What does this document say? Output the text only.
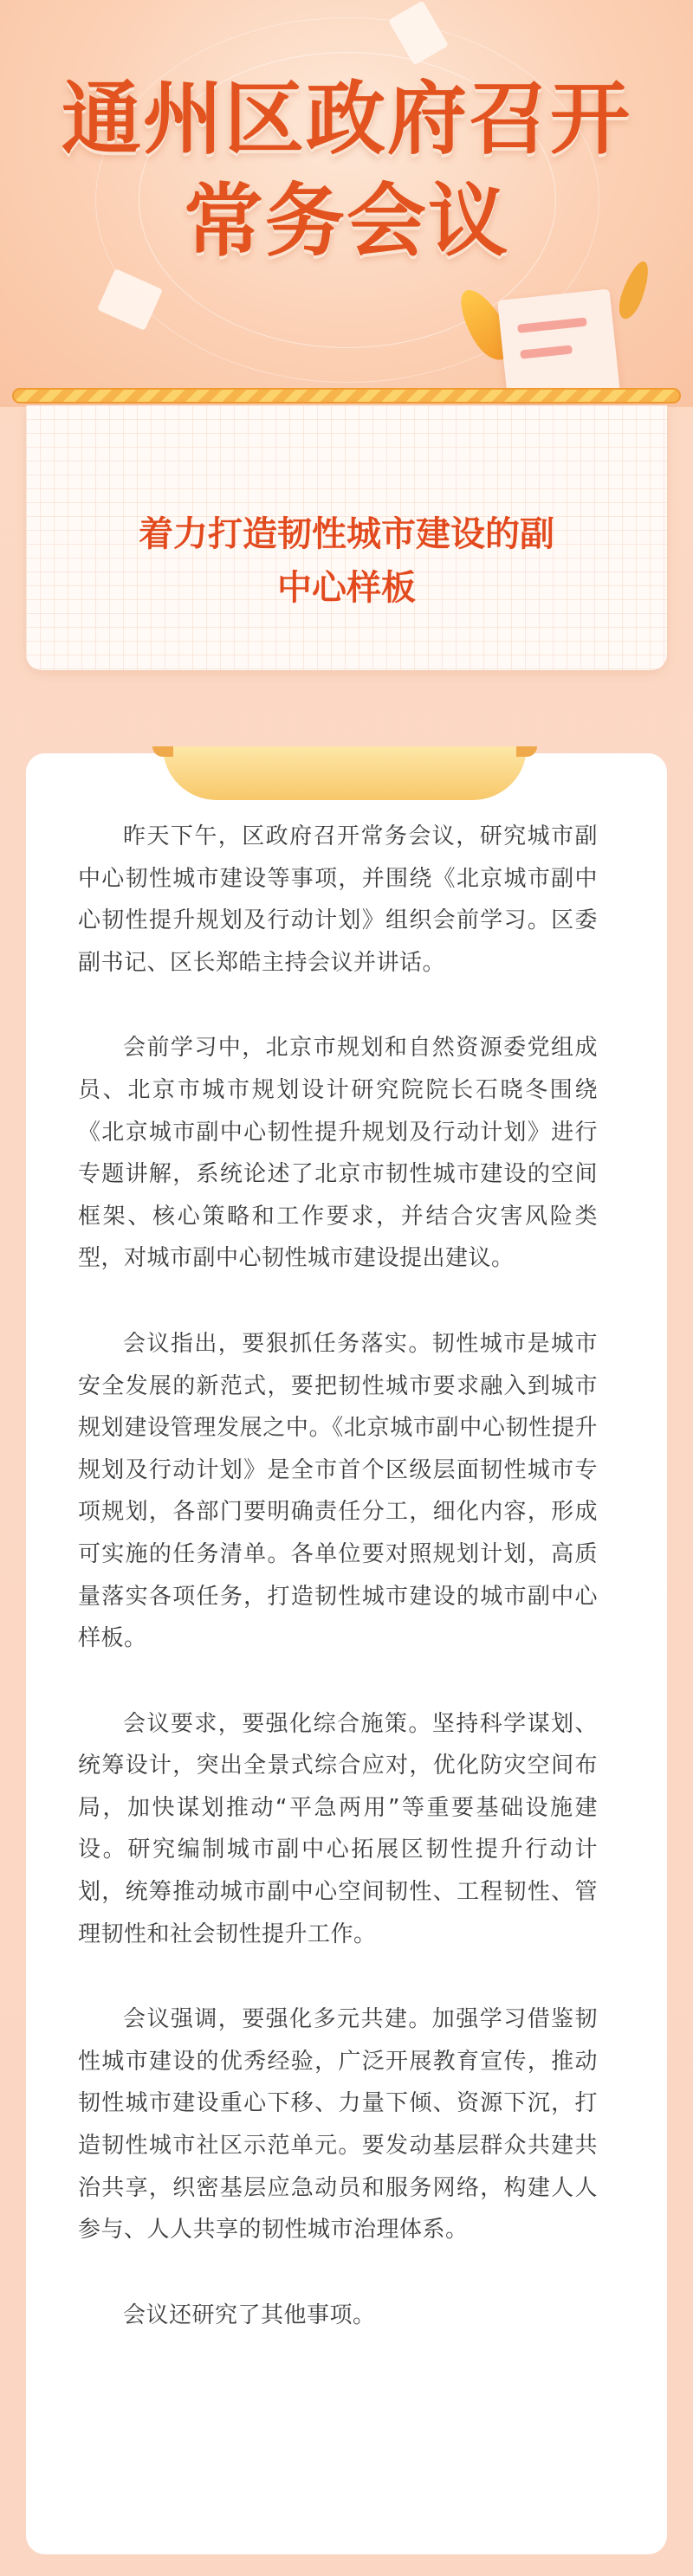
通州区政府召开
常务会议
着力打造韧性城市建设的副
中心样板

昨天下午，区政府召开常务会议，研究城市副中心韧性城市建设等事项，并围绕《北京城市副中心韧性提升规划及行动计划》组织会前学习。区委副书记、区长郑皓主持会议并讲话。

会前学习中，北京市规划和自然资源委党组成员、北京市城市规划设计研究院院长石晓冬围绕《北京城市副中心韧性提升规划及行动计划》进行专题讲解，系统论述了北京市韧性城市建设的空间框架、核心策略和工作要求，并结合灾害风险类型，对城市副中心韧性城市建设提出建议。

会议指出，要狠抓任务落实。韧性城市是城市安全发展的新范式，要把韧性城市要求融入到城市规划建设管理发展之中。《北京城市副中心韧性提升规划及行动计划》是全市首个区级层面韧性城市专项规划，各部门要明确责任分工，细化内容，形成可实施的任务清单。各单位要对照规划计划，高质量落实各项任务，打造韧性城市建设的城市副中心样板。

会议要求，要强化综合施策。坚持科学谋划、统筹设计，突出全景式综合应对，优化防灾空间布局，加快谋划推动“平急两用”等重要基础设施建设。研究编制城市副中心拓展区韧性提升行动计划，统筹推动城市副中心空间韧性、工程韧性、管理韧性和社会韧性提升工作。

会议强调，要强化多元共建。加强学习借鉴韧性城市建设的优秀经验，广泛开展教育宣传，推动韧性城市建设重心下移、力量下倾、资源下沉，打造韧性城市社区示范单元。要发动基层群众共建共治共享，织密基层应急动员和服务网络，构建人人参与、人人共享的韧性城市治理体系。

会议还研究了其他事项。
